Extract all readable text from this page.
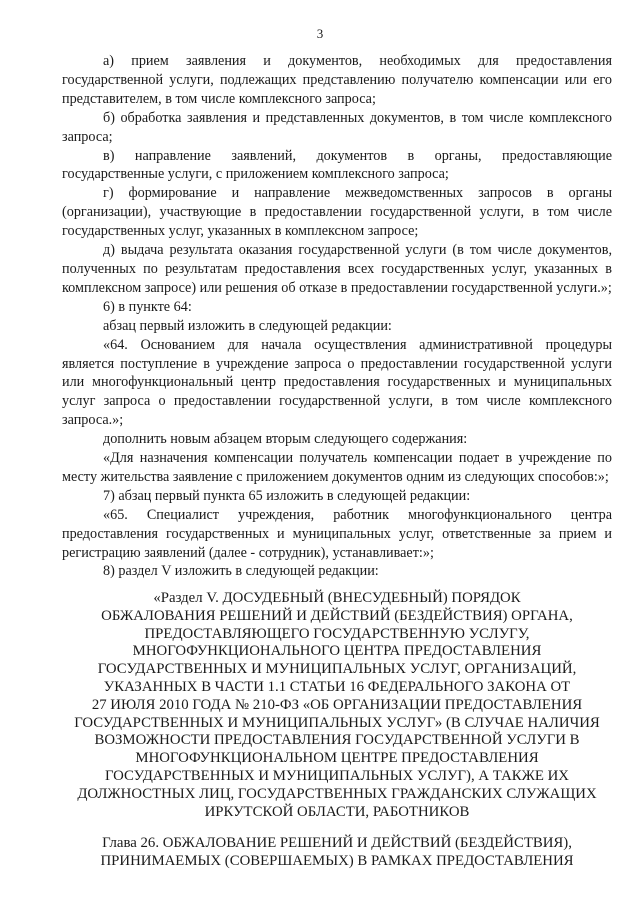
3

а) прием заявления и документов, необходимых для предоставления государственной услуги, подлежащих представлению получателю компенсации или его представителем, в том числе комплексного запроса;

б) обработка заявления и представленных документов, в том числе комплексного запроса;

в) направление заявлений, документов в органы, предоставляющие государственные услуги, с приложением комплексного запроса;

г) формирование и направление межведомственных запросов в органы (организации), участвующие в предоставлении государственной услуги, в том числе государственных услуг, указанных в комплексном запросе;

д) выдача результата оказания государственной услуги (в том числе документов, полученных по результатам предоставления всех государственных услуг, указанных в комплексном запросе) или решения об отказе в предоставлении государственной услуги.»;

6) в пункте 64:

абзац первый изложить в следующей редакции:

«64. Основанием для начала осуществления административной процедуры является поступление в учреждение запроса о предоставлении государственной услуги или многофункциональный центр предоставления государственных и муниципальных услуг запроса о предоставлении государственной услуги, в том числе комплексного запроса.»;

дополнить новым абзацем вторым следующего содержания:

«Для назначения компенсации получатель компенсации подает в учреждение по месту жительства заявление с приложением документов одним из следующих способов:»;

7) абзац первый пункта 65 изложить в следующей редакции:

«65. Специалист учреждения, работник многофункционального центра предоставления государственных и муниципальных услуг, ответственные за прием и регистрацию заявлений (далее - сотрудник), устанавливает:»;

8) раздел V изложить в следующей редакции:

«Раздел V. ДОСУДЕБНЫЙ (ВНЕСУДЕБНЫЙ) ПОРЯДОК
ОБЖАЛОВАНИЯ РЕШЕНИЙ И ДЕЙСТВИЙ (БЕЗДЕЙСТВИЯ) ОРГАНА,
ПРЕДОСТАВЛЯЮЩЕГО ГОСУДАРСТВЕННУЮ УСЛУГУ,
МНОГОФУНКЦИОНАЛЬНОГО ЦЕНТРА ПРЕДОСТАВЛЕНИЯ
ГОСУДАРСТВЕННЫХ И МУНИЦИПАЛЬНЫХ УСЛУГ, ОРГАНИЗАЦИЙ,
УКАЗАННЫХ В ЧАСТИ 1.1 СТАТЬИ 16 ФЕДЕРАЛЬНОГО ЗАКОНА ОТ
27 ИЮЛЯ 2010 ГОДА № 210-ФЗ «ОБ ОРГАНИЗАЦИИ ПРЕДОСТАВЛЕНИЯ
ГОСУДАРСТВЕННЫХ И МУНИЦИПАЛЬНЫХ УСЛУГ» (В СЛУЧАЕ НАЛИЧИЯ
ВОЗМОЖНОСТИ ПРЕДОСТАВЛЕНИЯ ГОСУДАРСТВЕННОЙ УСЛУГИ В
МНОГОФУНКЦИОНАЛЬНОМ ЦЕНТРЕ ПРЕДОСТАВЛЕНИЯ
ГОСУДАРСТВЕННЫХ И МУНИЦИПАЛЬНЫХ УСЛУГ), А ТАКЖЕ ИХ
ДОЛЖНОСТНЫХ ЛИЦ, ГОСУДАРСТВЕННЫХ ГРАЖДАНСКИХ СЛУЖАЩИХ
ИРКУТСКОЙ ОБЛАСТИ, РАБОТНИКОВ
Глава 26. ОБЖАЛОВАНИЕ РЕШЕНИЙ И ДЕЙСТВИЙ (БЕЗДЕЙСТВИЯ),
ПРИНИМАЕМЫХ (СОВЕРШАЕМЫХ) В РАМКАХ ПРЕДОСТАВЛЕНИЯ
